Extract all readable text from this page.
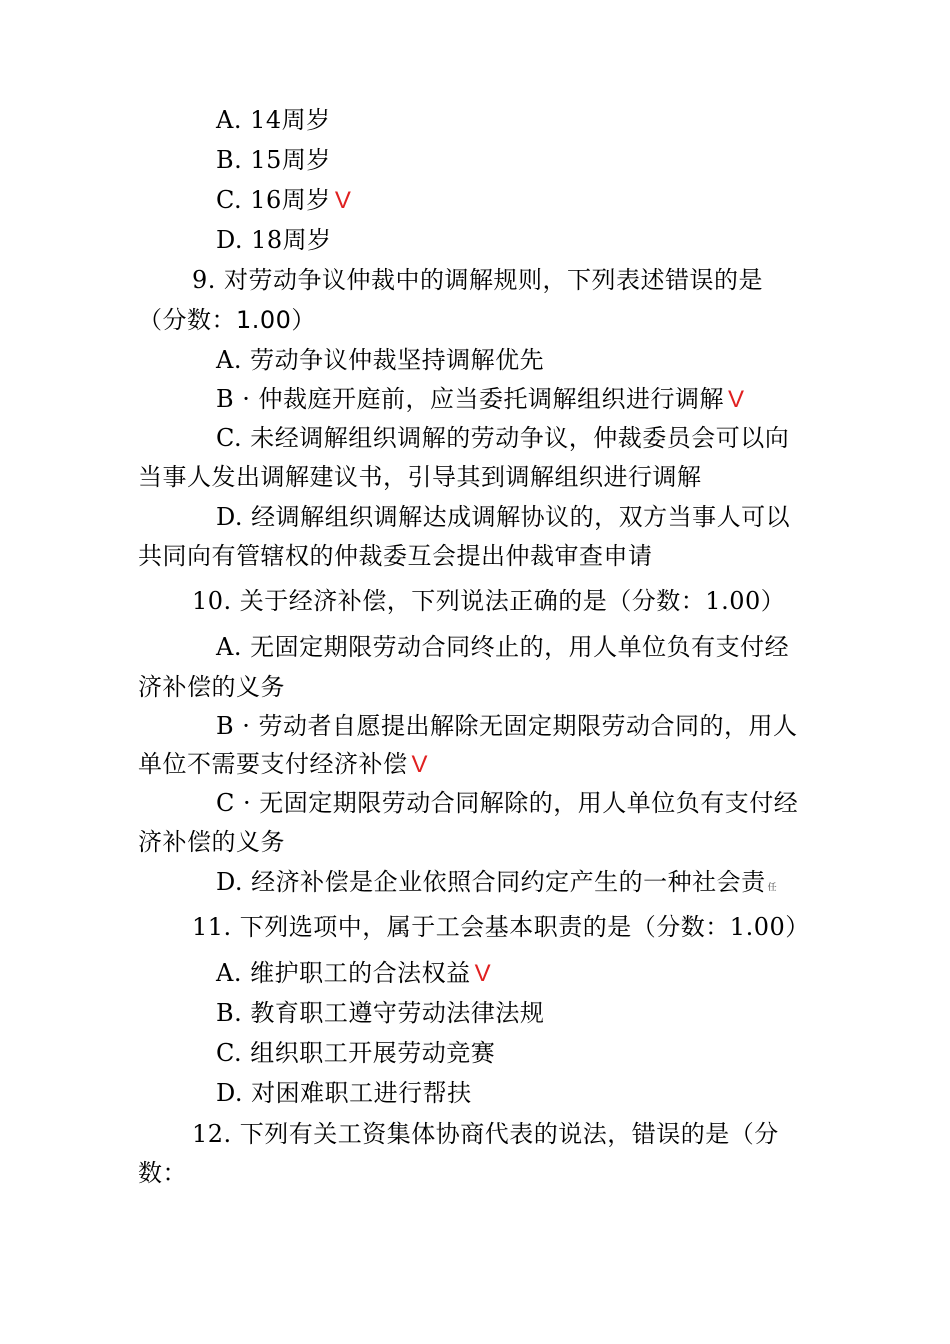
A. 14周岁
B. 15周岁
C. 16周岁 V
D. 18周岁
9. 对劳动争议仲裁中的调解规则，下列表述错误的是
（分数：1.00）
A. 劳动争议仲裁坚持调解优先
B · 仲裁庭开庭前，应当委托调解组织进行调解 V
C. 未经调解组织调解的劳动争议，仲裁委员会可以向
当事人发出调解建议书，引导其到调解组织进行调解
D. 经调解组织调解达成调解协议的，双方当事人可以
共同向有管辖权的仲裁委互会提出仲裁审查申请
10. 关于经济补偿，下列说法正确的是（分数：1.00）
A. 无固定期限劳动合同终止的，用人单位负有支付经
济补偿的义务
B · 劳动者自愿提出解除无固定期限劳动合同的，用人
单位不需要支付经济补偿 V
C · 无固定期限劳动合同解除的，用人单位负有支付经
济补偿的义务
D. 经济补偿是企业依照合同约定产生的一种社会责 任
11. 下列选项中，属于工会基本职责的是（分数：1.00）
A. 维护职工的合法权益 V
B. 教育职工遵守劳动法律法规
C. 组织职工开展劳动竞赛
D. 对困难职工进行帮扶
12. 下列有关工资集体协商代表的说法，错误的是（分
数：
